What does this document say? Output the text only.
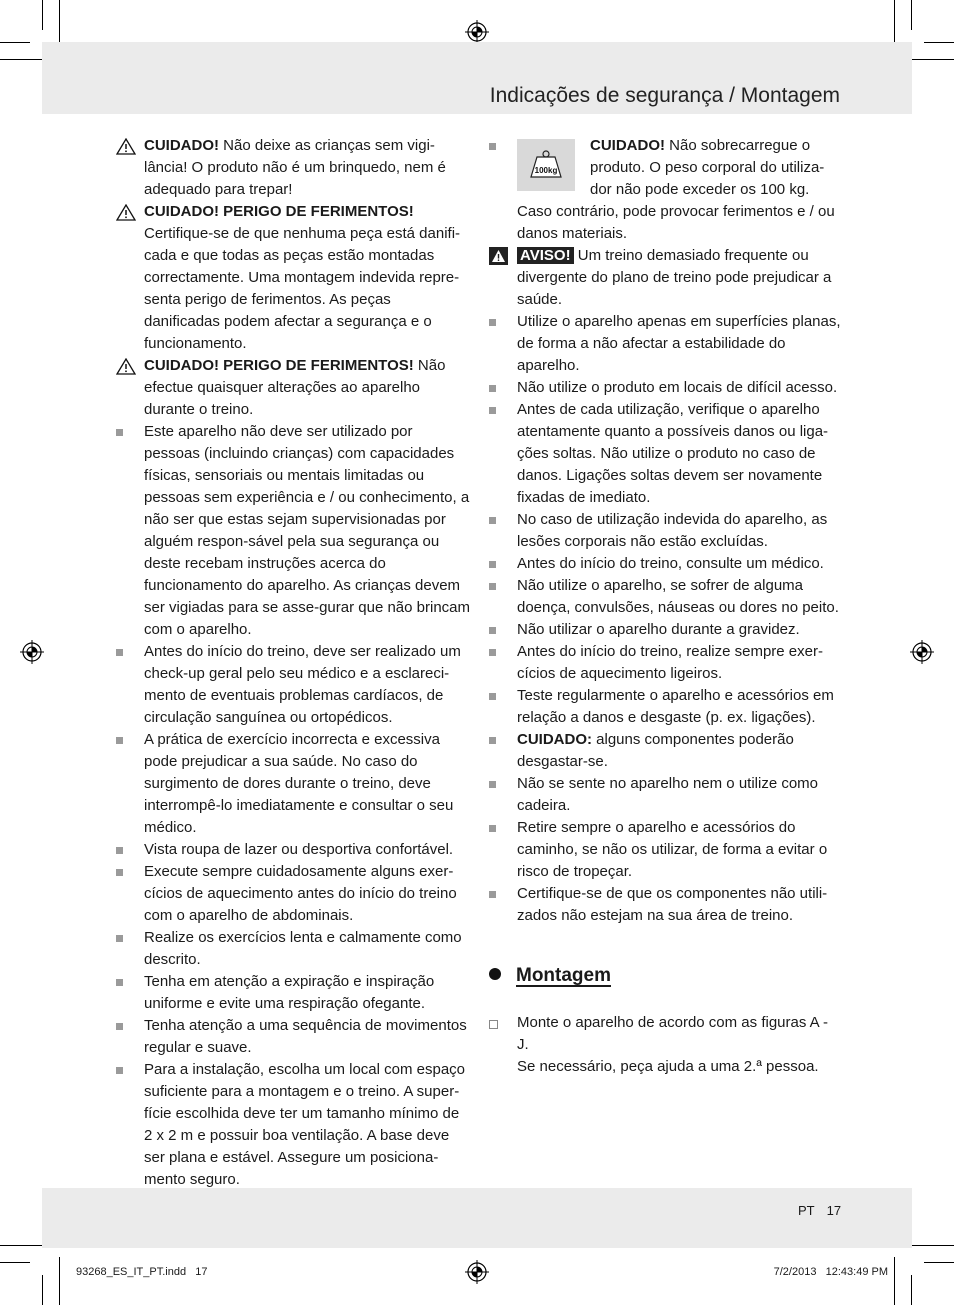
Indicações de segurança / Montagem

CUIDADO! Não deixe as crianças sem vigi-lância! O produto não é um brinquedo, nem é adequado para trepar!

CUIDADO! PERIGO DE FERIMENTOS! Certifique-se de que nenhuma peça está danifi-cada e que todas as peças estão montadas correctamente. Uma montagem indevida repre-senta perigo de ferimentos. As peças danificadas podem afectar a segurança e o funcionamento.

CUIDADO! PERIGO DE FERIMENTOS! Não efectue quaisquer alterações ao aparelho durante o treino.

Este aparelho não deve ser utilizado por pessoas (incluindo crianças) com capacidades físicas, sensoriais ou mentais limitadas ou pessoas sem experiência e / ou conhecimento, a não ser que estas sejam supervisionadas por alguém respon-sável pela sua segurança ou deste recebam instruções acerca do funcionamento do aparelho. As crianças devem ser vigiadas para se asse-gurar que não brincam com o aparelho.

Antes do início do treino, deve ser realizado um check-up geral pelo seu médico e a esclareci-mento de eventuais problemas cardíacos, de circulação sanguínea ou ortopédicos.

A prática de exercício incorrecta e excessiva pode prejudicar a sua saúde. No caso do surgimento de dores durante o treino, deve interrompê-lo imediatamente e consultar o seu médico.

Vista roupa de lazer ou desportiva confortável.

Execute sempre cuidadosamente alguns exer-cícios de aquecimento antes do início do treino com o aparelho de abdominais.

Realize os exercícios lenta e calmamente como descrito.

Tenha em atenção a expiração e inspiração uniforme e evite uma respiração ofegante.

Tenha atenção a uma sequência de movimentos regular e suave.

Para a instalação, escolha um local com espaço suficiente para a montagem e o treino. A super-fície escolhida deve ter um tamanho mínimo de 2 x 2 m e possuir boa ventilação. A base deve ser plana e estável. Assegure um posiciona-mento seguro.

100kg
CUIDADO! Não sobrecarregue o produto. O peso corporal do utiliza-dor não pode exceder os 100 kg.

Caso contrário, pode provocar ferimentos e / ou danos materiais.

AVISO! Um treino demasiado frequente ou divergente do plano de treino pode prejudicar a saúde.

Utilize o aparelho apenas em superfícies planas, de forma a não afectar a estabilidade do aparelho.

Não utilize o produto em locais de difícil acesso.

Antes de cada utilização, verifique o aparelho atentamente quanto a possíveis danos ou liga-ções soltas. Não utilize o produto no caso de danos. Ligações soltas devem ser novamente fixadas de imediato.

No caso de utilização indevida do aparelho, as lesões corporais não estão excluídas.

Antes do início do treino, consulte um médico.

Não utilize o aparelho, se sofrer de alguma doença, convulsões, náuseas ou dores no peito.

Não utilizar o aparelho durante a gravidez.

Antes do início do treino, realize sempre exer-cícios de aquecimento ligeiros.

Teste regularmente o aparelho e acessórios em relação a danos e desgaste (p. ex. ligações).

CUIDADO: alguns componentes poderão desgastar-se.

Não se sente no aparelho nem o utilize como cadeira.

Retire sempre o aparelho e acessórios do caminho, se não os utilizar, de forma a evitar o risco de tropeçar.

Certifique-se de que os componentes não utili-zados não estejam na sua área de treino.

Montagem

Monte o aparelho de acordo com as figuras A - J.

Se necessário, peça ajuda a uma 2.ª pessoa.

PT 17
93268_ES_IT_PT.indd   17	7/2/2013   12:43:49 PM
